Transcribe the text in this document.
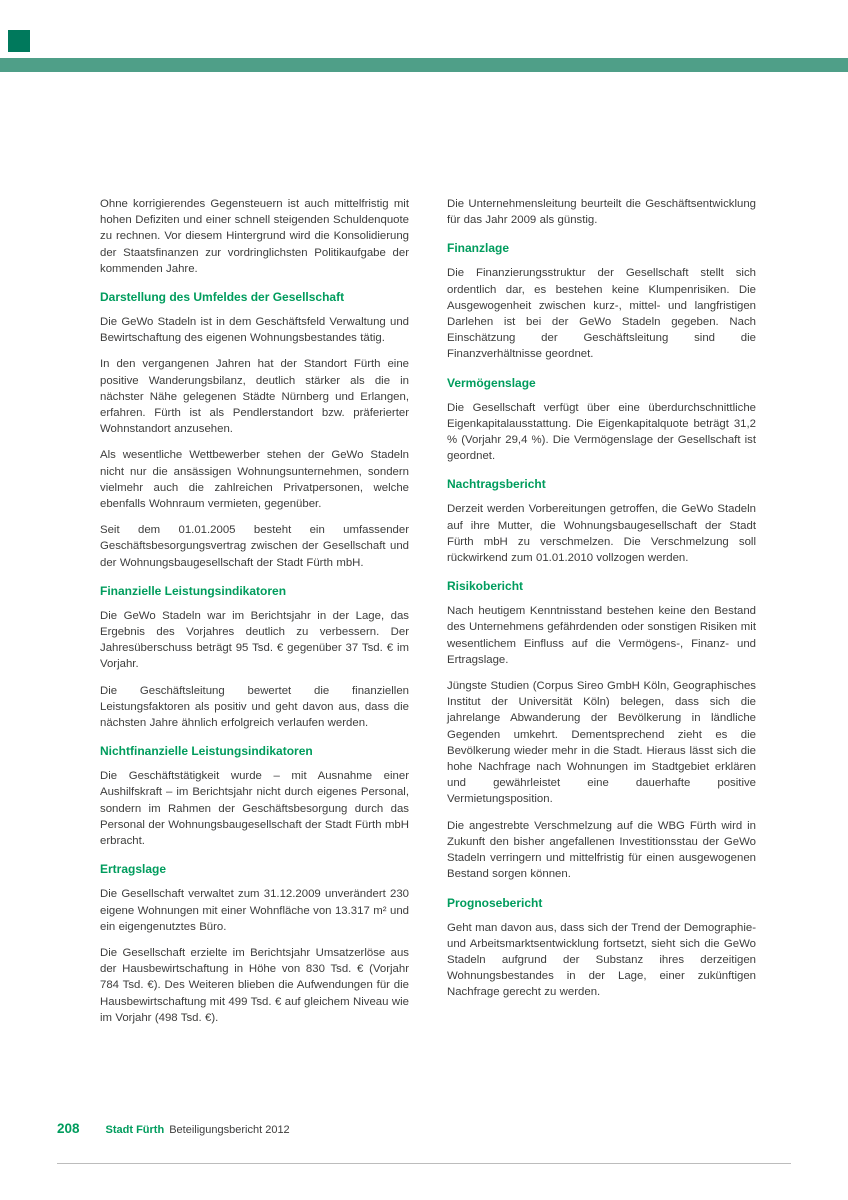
Ohne korrigierendes Gegensteuern ist auch mittelfristig mit hohen Defiziten und einer schnell steigenden Schuldenquote zu rechnen. Vor diesem Hintergrund wird die Konsolidierung der Staatsfinanzen zur vordringlichsten Politikaufgabe der kommenden Jahre.

Darstellung des Umfeldes der Gesellschaft

Die GeWo Stadeln ist in dem Geschäftsfeld Verwaltung und Bewirtschaftung des eigenen Wohnungsbestandes tätig.

In den vergangenen Jahren hat der Standort Fürth eine positive Wanderungsbilanz, deutlich stärker als die in nächster Nähe gelegenen Städte Nürnberg und Erlangen, erfahren. Fürth ist als Pendlerstandort bzw. präferierter Wohnstandort anzusehen.

Als wesentliche Wettbewerber stehen der GeWo Stadeln nicht nur die ansässigen Wohnungsunternehmen, sondern vielmehr auch die zahlreichen Privatpersonen, welche ebenfalls Wohnraum vermieten, gegenüber.

Seit dem 01.01.2005 besteht ein umfassender Geschäftsbesorgungsvertrag zwischen der Gesellschaft und der Wohnungsbaugesellschaft der Stadt Fürth mbH.

Finanzielle Leistungsindikatoren

Die GeWo Stadeln war im Berichtsjahr in der Lage, das Ergebnis des Vorjahres deutlich zu verbessern. Der Jahresüberschuss beträgt 95 Tsd. € gegenüber 37 Tsd. € im Vorjahr.

Die Geschäftsleitung bewertet die finanziellen Leistungsfaktoren als positiv und geht davon aus, dass die nächsten Jahre ähnlich erfolgreich verlaufen werden.

Nichtfinanzielle Leistungsindikatoren

Die Geschäftstätigkeit wurde – mit Ausnahme einer Aushilfskraft – im Berichtsjahr nicht durch eigenes Personal, sondern im Rahmen der Geschäftsbesorgung durch das Personal der Wohnungsbaugesellschaft der Stadt Fürth mbH erbracht.

Ertragslage

Die Gesellschaft verwaltet zum 31.12.2009 unverändert 230 eigene Wohnungen mit einer Wohnfläche von 13.317 m² und ein eigengenutztes Büro.

Die Gesellschaft erzielte im Berichtsjahr Umsatzerlöse aus der Hausbewirtschaftung in Höhe von 830 Tsd. € (Vorjahr 784 Tsd. €). Des Weiteren blieben die Aufwendungen für die Hausbewirtschaftung mit 499 Tsd. € auf gleichem Niveau wie im Vorjahr (498 Tsd. €).

Die Unternehmensleitung beurteilt die Geschäftsentwicklung für das Jahr 2009 als günstig.

Finanzlage

Die Finanzierungsstruktur der Gesellschaft stellt sich ordentlich dar, es bestehen keine Klumpenrisiken. Die Ausgewogenheit zwischen kurz-, mittel- und langfristigen Darlehen ist bei der GeWo Stadeln gegeben. Nach Einschätzung der Geschäftsleitung sind die Finanzverhältnisse geordnet.

Vermögenslage

Die Gesellschaft verfügt über eine überdurchschnittliche Eigenkapitalausstattung. Die Eigenkapitalquote beträgt 31,2 % (Vorjahr 29,4 %). Die Vermögenslage der Gesellschaft ist geordnet.

Nachtragsbericht

Derzeit werden Vorbereitungen getroffen, die GeWo Stadeln auf ihre Mutter, die Wohnungsbaugesellschaft der Stadt Fürth mbH zu verschmelzen. Die Verschmelzung soll rückwirkend zum 01.01.2010 vollzogen werden.

Risikobericht

Nach heutigem Kenntnisstand bestehen keine den Bestand des Unternehmens gefährdenden oder sonstigen Risiken mit wesentlichem Einfluss auf die Vermögens-, Finanz- und Ertragslage.

Jüngste Studien (Corpus Sireo GmbH Köln, Geographisches Institut der Universität Köln) belegen, dass sich die jahrelange Abwanderung der Bevölkerung in ländliche Gegenden umkehrt. Dementsprechend zieht es die Bevölkerung wieder mehr in die Stadt. Hieraus lässt sich die hohe Nachfrage nach Wohnungen im Stadtgebiet erklären und gewährleistet eine dauerhafte positive Vermietungsposition.

Die angestrebte Verschmelzung auf die WBG Fürth wird in Zukunft den bisher angefallenen Investitionsstau der GeWo Stadeln verringern und mittelfristig für einen ausgewogenen Bestand sorgen können.

Prognosebericht

Geht man davon aus, dass sich der Trend der Demographie- und Arbeitsmarktsentwicklung fortsetzt, sieht sich die GeWo Stadeln aufgrund der Substanz ihres derzeitigen Wohnungsbestandes in der Lage, einer zukünftigen Nachfrage gerecht zu werden.

208 Stadt Fürth Beteiligungsbericht 2012
